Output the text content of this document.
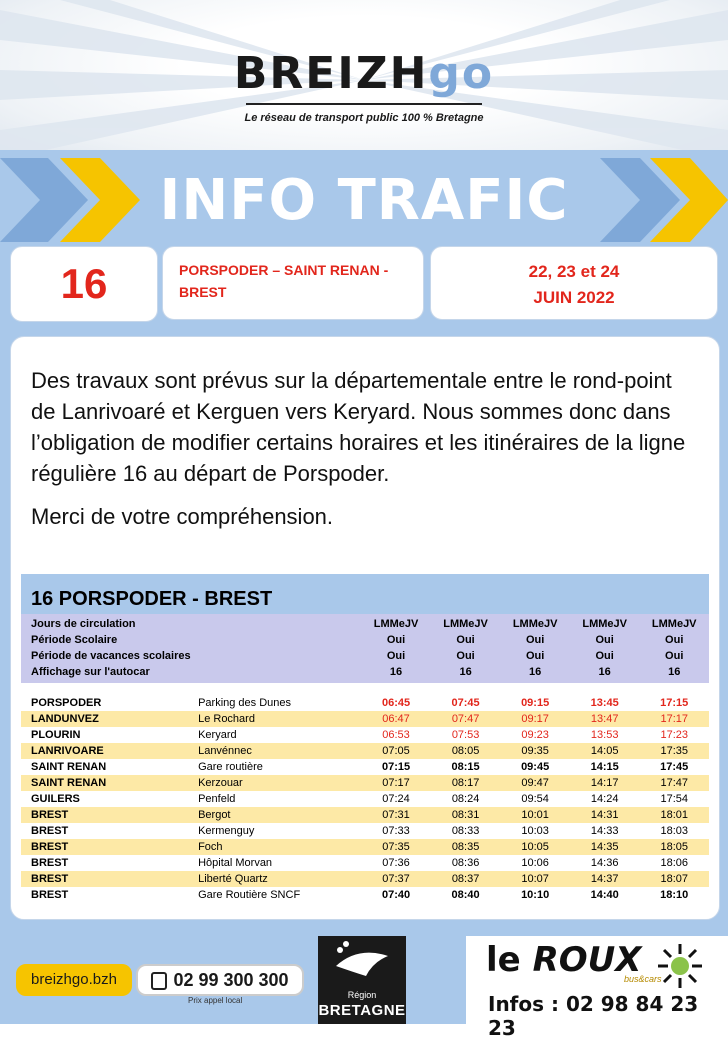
BREIZHgo
Le réseau de transport public 100 % Bretagne
INFO TRAFIC
16	PORSPODER – SAINT RENAN -
BREST
22, 23 et 24
JUIN 2022

Des travaux sont prévus sur la départementale entre le rond-point de Lanrivoaré et Kerguen vers Keryard. Nous sommes donc dans l’obligation de modifier certains horaires et les itinéraires de la ligne régulière 16 au départ de Porspoder.

Merci de votre compréhension.

16 PORSPODER - BREST
Jours de circulation	LMMeJV	LMMeJV	LMMeJV	LMMeJV	LMMeJV
Période Scolaire	Oui	Oui	Oui	Oui	Oui
Période de vacances scolaires	Oui	Oui	Oui	Oui	Oui
Affichage sur l'autocar	16	16	16	16	16
PORSPODER	Parking des Dunes	06:45	07:45	09:15	13:45	17:15
LANDUNVEZ	Le Rochard	06:47	07:47	09:17	13:47	17:17
PLOURIN	Keryard	06:53	07:53	09:23	13:53	17:23
LANRIVOARE	Lanvénnec	07:05	08:05	09:35	14:05	17:35
SAINT RENAN	Gare routière	07:15	08:15	09:45	14:15	17:45
SAINT RENAN	Kerzouar	07:17	08:17	09:47	14:17	17:47
GUILERS	Penfeld	07:24	08:24	09:54	14:24	17:54
BREST	Bergot	07:31	08:31	10:01	14:31	18:01
BREST	Kermenguy	07:33	08:33	10:03	14:33	18:03
BREST	Foch	07:35	08:35	10:05	14:35	18:05
BREST	Hôpital Morvan	07:36	08:36	10:06	14:36	18:06
BREST	Liberté Quartz	07:37	08:37	10:07	14:37	18:07
BREST	Gare Routière SNCF	07:40	08:40	10:10	14:40	18:10
breizhgo.bzh	02 99 300 300
Prix appel local
Région
BRETAGNE
le ROUX
bus&cars
Infos : 02 98 84 23 23
